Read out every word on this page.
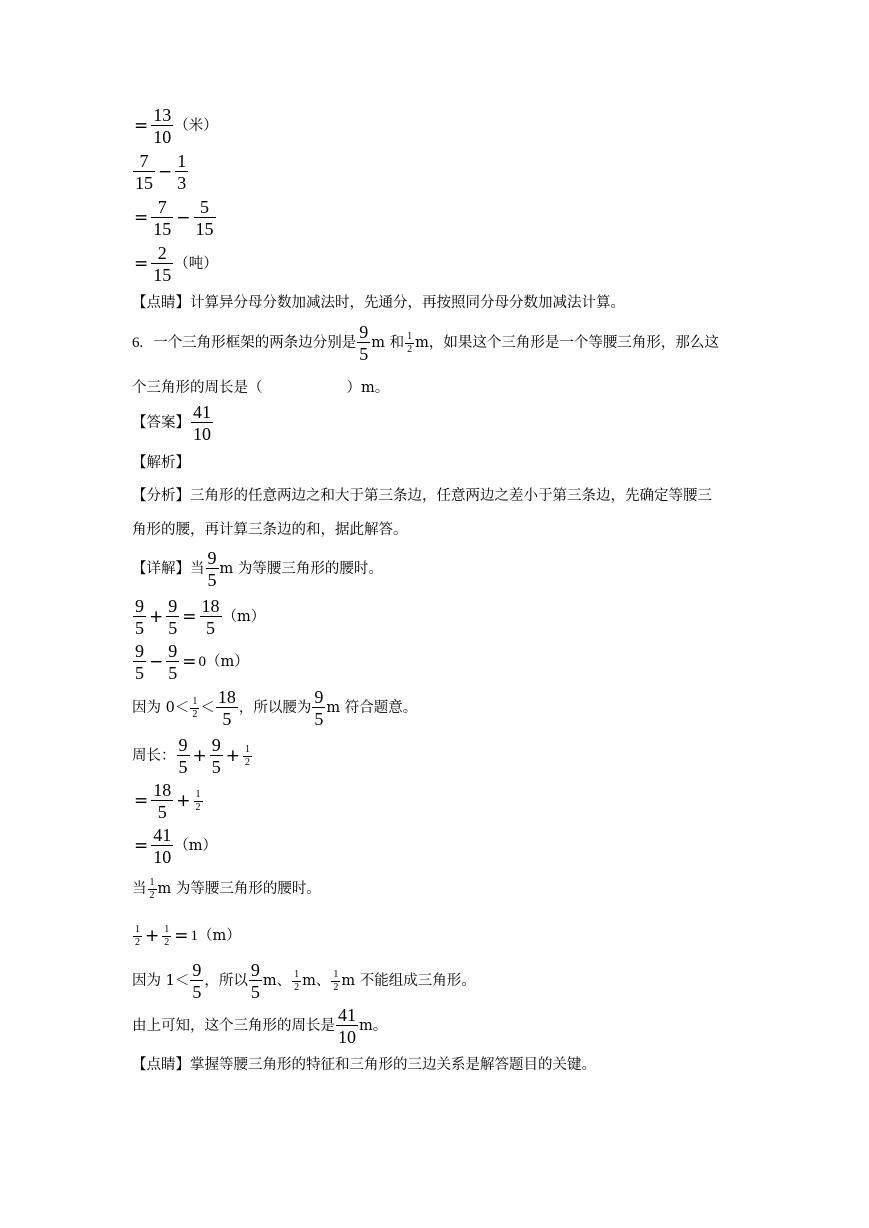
= $\frac{13}{10}$ （米）
$\frac{7}{15} - \frac{1}{3}$
= $\frac{7}{15} - \frac{5}{15}$
= $\frac{2}{15}$ （吨）
【点睛】 计算异分母分数加减法时，先通分，再按照同分母分数加减法计算。
6. 一个三角形框架的两条边分别是 $\frac{9}{5}$ m 和 $\frac{1}{2}$ m，如果这个三角形是一个等腰三角形，那么这
个三角形的周长是（	）m。
【答案】 $\frac{41}{10}$
【解析】
【分析】 三角形的任意两边之和大于第三条边，任意两边之差小于第三条边，先确定等腰三
角形的腰，再计算三条边的和，据此解答。
【详解】 当 $\frac{9}{5}$ m 为等腰三角形的腰时。
$\frac{9}{5} + \frac{9}{5} = \frac{18}{5} (m)$
$\frac{9}{5} - \frac{9}{5} = 0$ （m）
因为 $0< \frac{1}{2} < \frac{18}{5}$ ，所以腰为 $\frac{9}{5}$ m 符合题意。
周长： $\frac{9}{5} + \frac{9}{5} + \frac{1}{2}$
= $\frac{18}{5} + \frac{1}{2}$
= $\frac{41}{10} (m)$
当 $\frac{1}{2}$ m 为等腰三角形的腰时。
$\frac{1}{2} + \frac{1}{2} = 1$ （m）
因为 $1< \frac{9}{5}$ ，所以 $\frac{9}{5}$ m、 $\frac{1}{2}$ m、 $\frac{1}{2}$ m 不能组成三角形。
由上可知，这个三角形的周长是 $\frac{41}{10}$ m。
【点睛】 掌握等腰三角形的特征和三角形的三边关系是解答题目的关键。
